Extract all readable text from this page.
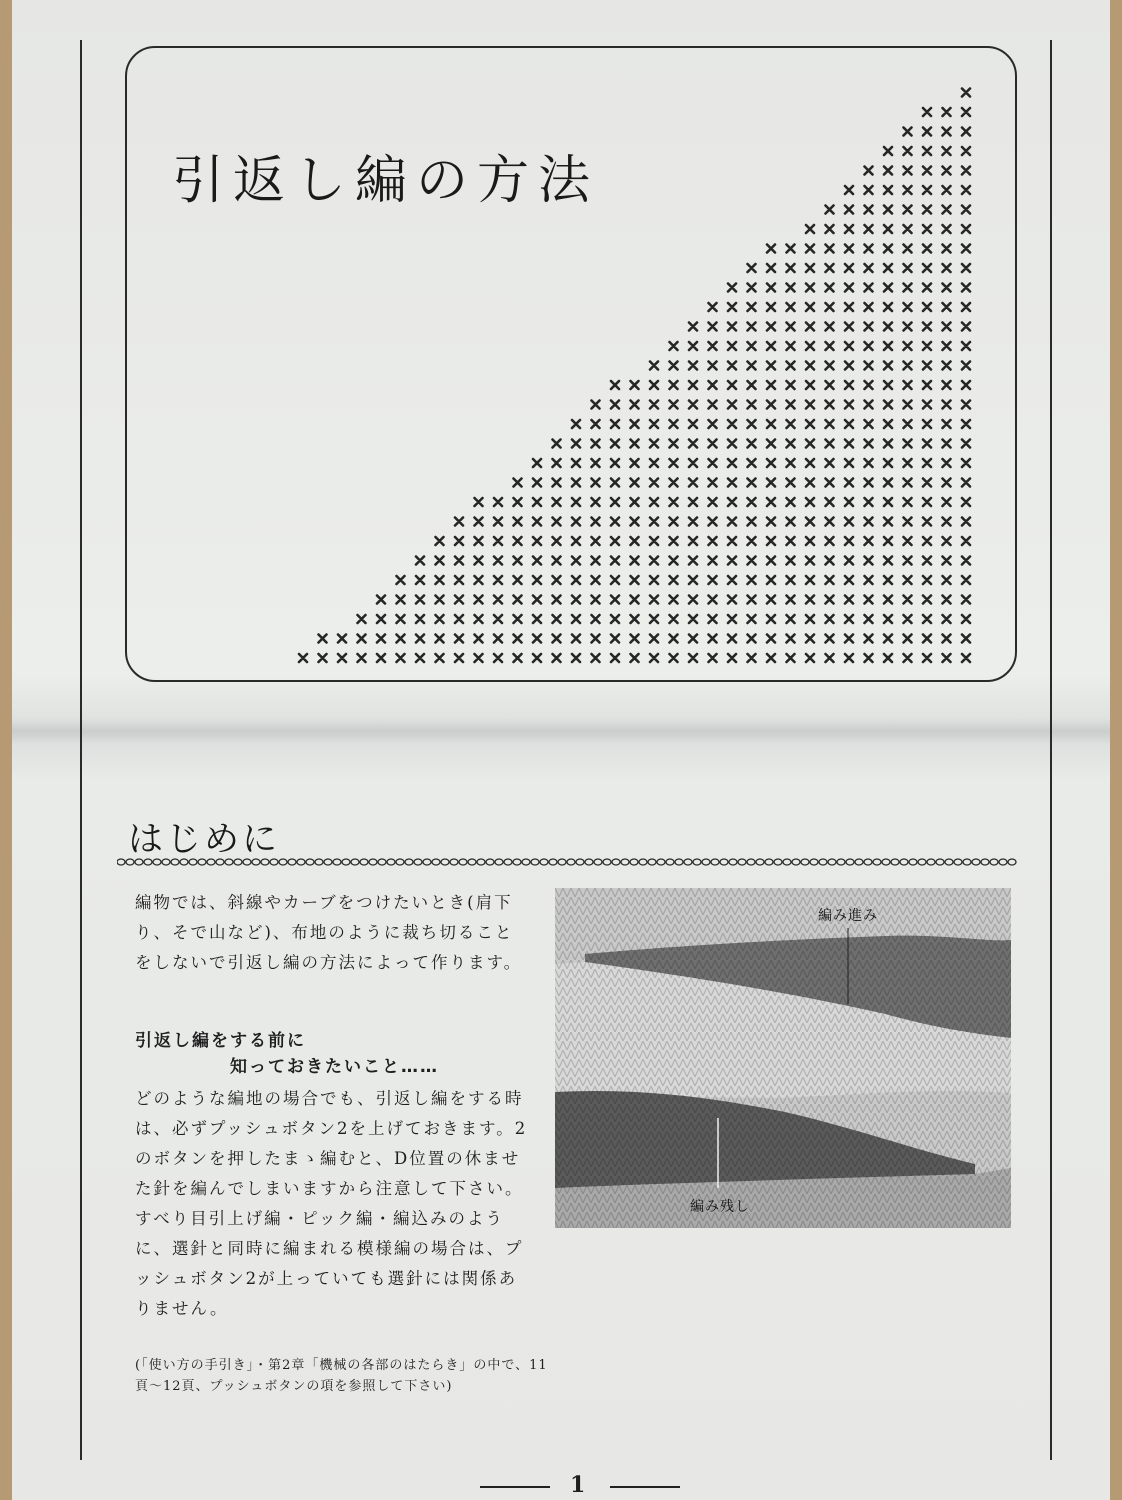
引返し編の方法
はじめに
編物では、斜線やカーブをつけたいとき(肩下り、そで山など)、布地のように裁ち切ることをしないで引返し編の方法によって作ります。
引返し編をする前に
知っておきたいこと……
どのような編地の場合でも、引返し編をする時は、必ずプッシュボタン2を上げておきます。2のボタンを押したまゝ編むと、D位置の休ませた針を編んでしまいますから注意して下さい。すべり目引上げ編・ピック編・編込みのように、選針と同時に編まれる模様編の場合は、プッシュボタン2が上っていても選針には関係ありません。
(「使い方の手引き」・第2章「機械の各部のはたらき」の中で、11頁〜12頁、プッシュボタンの項を参照して下さい)
編み進み
編み残し
1
